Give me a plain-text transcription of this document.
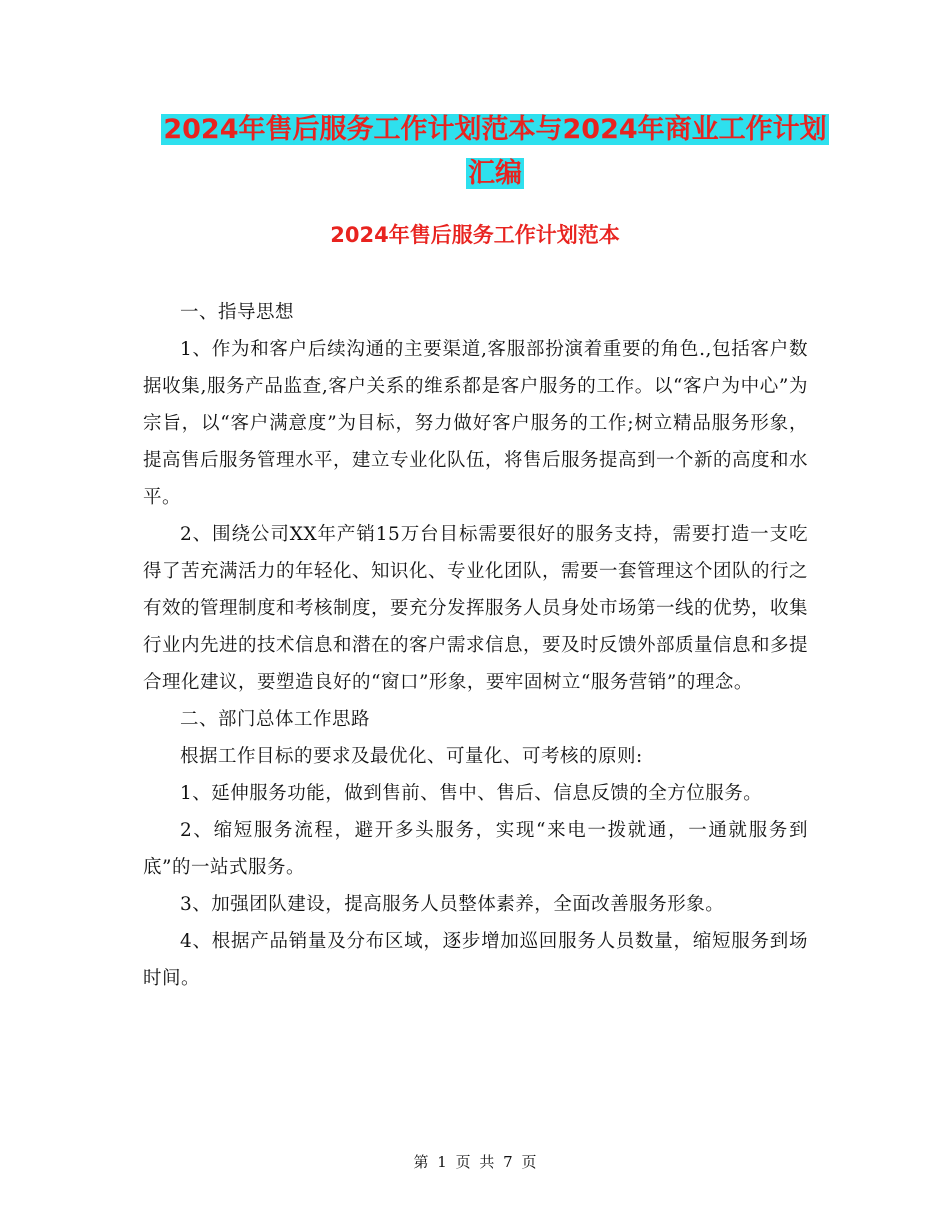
2024年售后服务工作计划范本与2024年商业工作计划
汇编
2024年售后服务工作计划范本

一、指导思想

1、作为和客户后续沟通的主要渠道,客服部扮演着重要的角色.,包括客户数据收集,服务产品监查,客户关系的维系都是客户服务的工作。以“客户为中心”为宗旨，以“客户满意度”为目标，努力做好客户服务的工作;树立精品服务形象，提高售后服务管理水平，建立专业化队伍，将售后服务提高到一个新的高度和水平。

2、围绕公司XX年产销15万台目标需要很好的服务支持，需要打造一支吃得了苦充满活力的年轻化、知识化、专业化团队，需要一套管理这个团队的行之有效的管理制度和考核制度，要充分发挥服务人员身处市场第一线的优势，收集行业内先进的技术信息和潜在的客户需求信息，要及时反馈外部质量信息和多提合理化建议，要塑造良好的“窗口”形象，要牢固树立“服务营销”的理念。

二、部门总体工作思路

根据工作目标的要求及最优化、可量化、可考核的原则:

1、延伸服务功能，做到售前、售中、售后、信息反馈的全方位服务。

2、缩短服务流程，避开多头服务，实现“来电一拨就通，一通就服务到底”的一站式服务。

3、加强团队建设，提高服务人员整体素养，全面改善服务形象。

4、根据产品销量及分布区域，逐步增加巡回服务人员数量，缩短服务到场时间。

第 1 页 共 7 页
